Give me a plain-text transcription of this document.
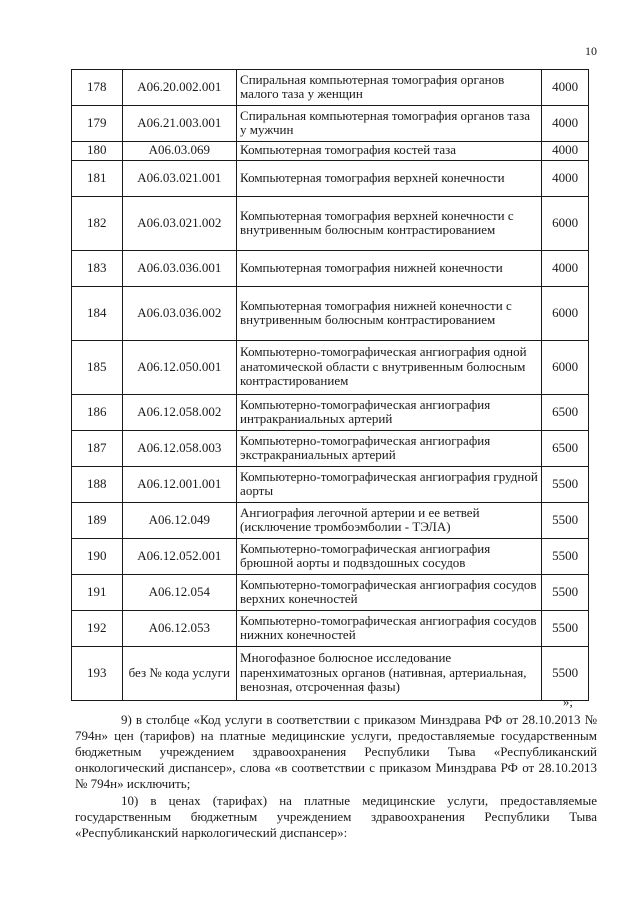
10
178	A06.20.002.001	Спиральная компьютерная томография органов малого таза у женщин	4000
179	A06.21.003.001	Спиральная компьютерная томография органов таза у мужчин	4000
180	A06.03.069	Компьютерная томография костей таза	4000
181	A06.03.021.001	Компьютерная томография верхней конечности	4000
182	A06.03.021.002	Компьютерная томография верхней конечности с внутривенным болюсным контрастированием	6000
183	A06.03.036.001	Компьютерная томография нижней конечности	4000
184	A06.03.036.002	Компьютерная томография нижней конечности с внутривенным болюсным контрастированием	6000
185	A06.12.050.001	Компьютерно-томографическая ангиография одной анатомической области с внутривенным болюсным контрастированием	6000
186	A06.12.058.002	Компьютерно-томографическая ангиография интракраниальных артерий	6500
187	A06.12.058.003	Компьютерно-томографическая ангиография экстракраниальных артерий	6500
188	A06.12.001.001	Компьютерно-томографическая ангиография грудной аорты	5500
189	A06.12.049	Ангиография легочной артерии и ее ветвей (исключение тромбоэмболии - ТЭЛА)	5500
190	A06.12.052.001	Компьютерно-томографическая ангиография брюшной аорты и подвздошных сосудов	5500
191	A06.12.054	Компьютерно-томографическая ангиография сосудов верхних конечностей	5500
192	A06.12.053	Компьютерно-томографическая ангиография сосудов нижних конечностей	5500
193	без № кода услуги	Многофазное болюсное исследование паренхиматозных органов (нативная, артериальная, венозная, отсроченная фазы)	5500
»;

9) в столбце «Код услуги в соответствии с приказом Минздрава РФ от 28.10.2013 № 794н» цен (тарифов) на платные медицинские услуги, предоставляемые государственным бюджетным учреждением здравоохранения Республики Тыва «Республиканский онкологический диспансер», слова «в соответствии с приказом Минздрава РФ от 28.10.2013 № 794н» исключить;

10) в ценах (тарифах) на платные медицинские услуги, предоставляемые государственным бюджетным учреждением здравоохранения Республики Тыва «Республиканский наркологический диспансер»:
